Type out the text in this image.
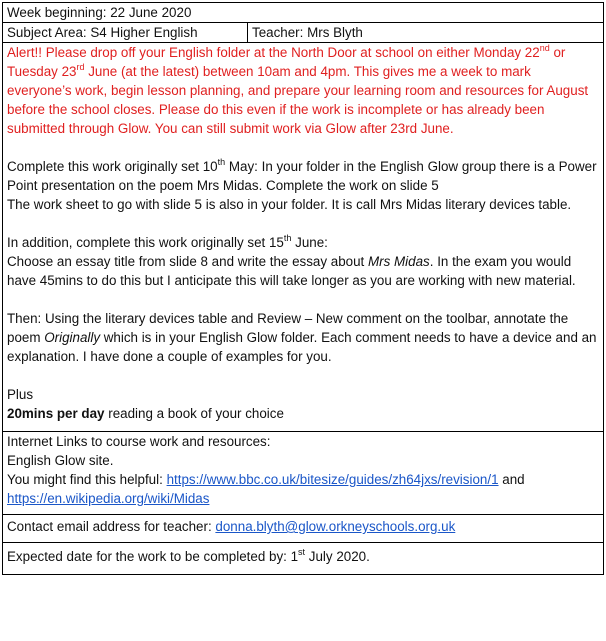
Week beginning: 22 June 2020
Subject Area: S4 Higher English	Teacher: Mrs Blyth

Alert!! Please drop off your English folder at the North Door at school on either Monday 22nd or Tuesday 23rd June (at the latest) between 10am and 4pm. This gives me a week to mark everyone’s work, begin lesson planning, and prepare your learning room and resources for August before the school closes. Please do this even if the work is incomplete or has already been submitted through Glow. You can still submit work via Glow after 23rd June.

Complete this work originally set 10th May: In your folder in the English Glow group there is a Power Point presentation on the poem Mrs Midas. Complete the work on slide 5

The work sheet to go with slide 5 is also in your folder. It is call Mrs Midas literary devices table.

In addition, complete this work originally set 15th June:

Choose an essay title from slide 8 and write the essay about Mrs Midas. In the exam you would have 45mins to do this but I anticipate this will take longer as you are working with new material.

Then: Using the literary devices table and Review – New comment on the toolbar, annotate the poem Originally which is in your English Glow folder. Each comment needs to have a device and an explanation. I have done a couple of examples for you.

Plus

20mins per day reading a book of your choice

Internet Links to course work and resources:

English Glow site.

You might find this helpful: https://www.bbc.co.uk/bitesize/guides/zh64jxs/revision/1 and

https://en.wikipedia.org/wiki/Midas

Contact email address for teacher: donna.blyth@glow.orkneyschools.org.uk
Expected date for the work to be completed by: 1st July 2020.
